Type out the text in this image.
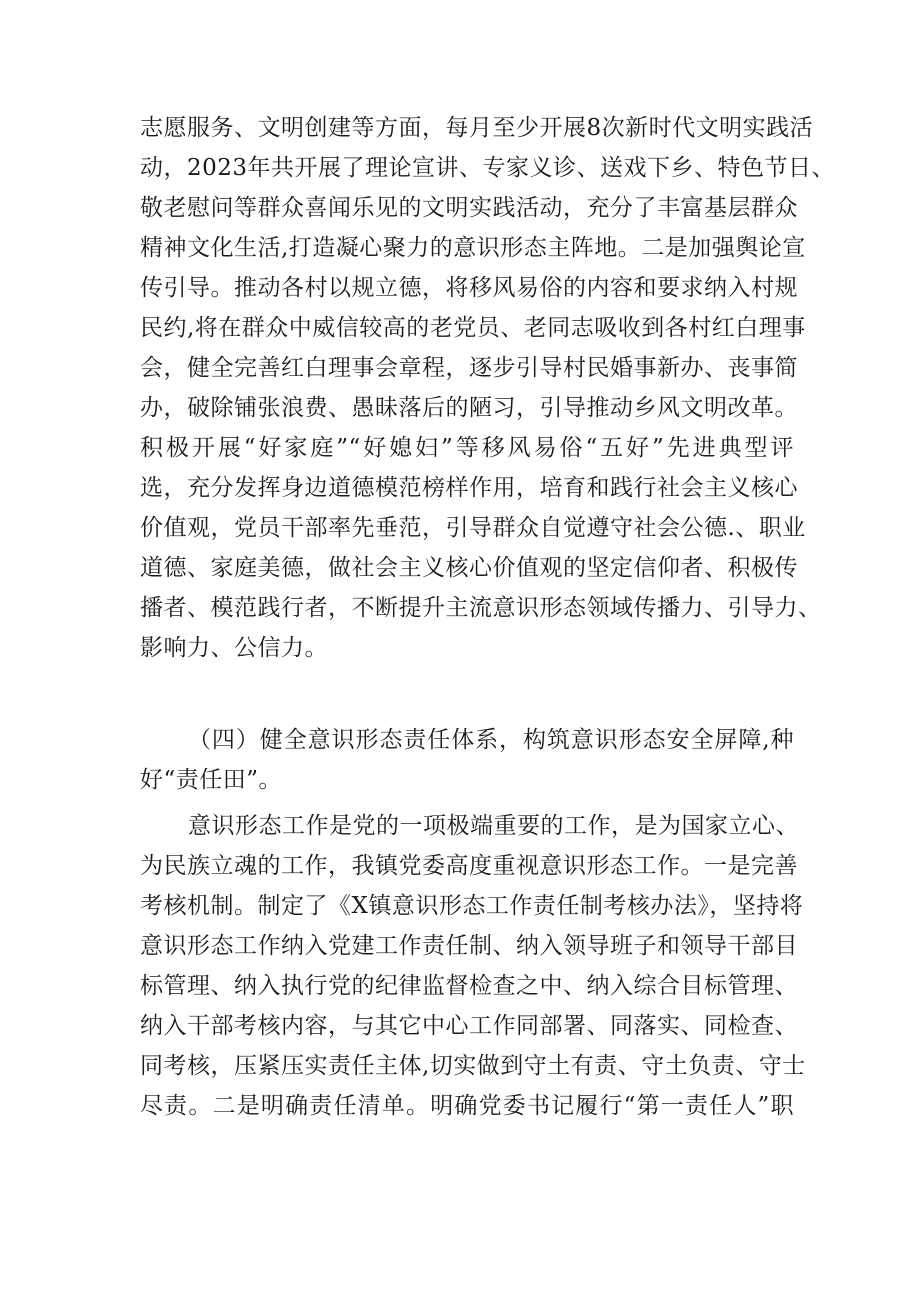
志愿服务、文明创建等方面，每月至少开展8次新时代文明实践活
动，2023年共开展了理论宣讲、专家义诊、送戏下乡、特色节日、
敬老慰问等群众喜闻乐见的文明实践活动，充分了丰富基层群众
精神文化生活,打造凝心聚力的意识形态主阵地。二是加强舆论宣
传引导。推动各村以规立德，将移风易俗的内容和要求纳入村规
民约,将在群众中威信较高的老党员、老同志吸收到各村红白理事
会，健全完善红白理事会章程，逐步引导村民婚事新办、丧事简
办，破除铺张浪费、愚昧落后的陋习，引导推动乡风文明改革。
积极开展“好家庭”“好媳妇”等移风易俗“五好”先进典型评
选，充分发挥身边道德模范榜样作用，培育和践行社会主义核心
价值观，党员干部率先垂范，引导群众自觉遵守社会公德.、职业
道德、家庭美德，做社会主义核心价值观的坚定信仰者、积极传
播者、模范践行者，不断提升主流意识形态领域传播力、引导力、
影响力、公信力。
（四）健全意识形态责任体系，构筑意识形态安全屏障,种
好“责任田”。
意识形态工作是党的一项极端重要的工作，是为国家立心、
为民族立魂的工作，我镇党委高度重视意识形态工作。一是完善
考核机制。制定了《X镇意识形态工作责任制考核办法》，坚持将
意识形态工作纳入党建工作责任制、纳入领导班子和领导干部目
标管理、纳入执行党的纪律监督检查之中、纳入综合目标管理、
纳入干部考核内容，与其它中心工作同部署、同落实、同检查、
同考核，压紧压实责任主体,切实做到守土有责、守土负责、守士
尽责。二是明确责任清单。明确党委书记履行“第一责任人”职
